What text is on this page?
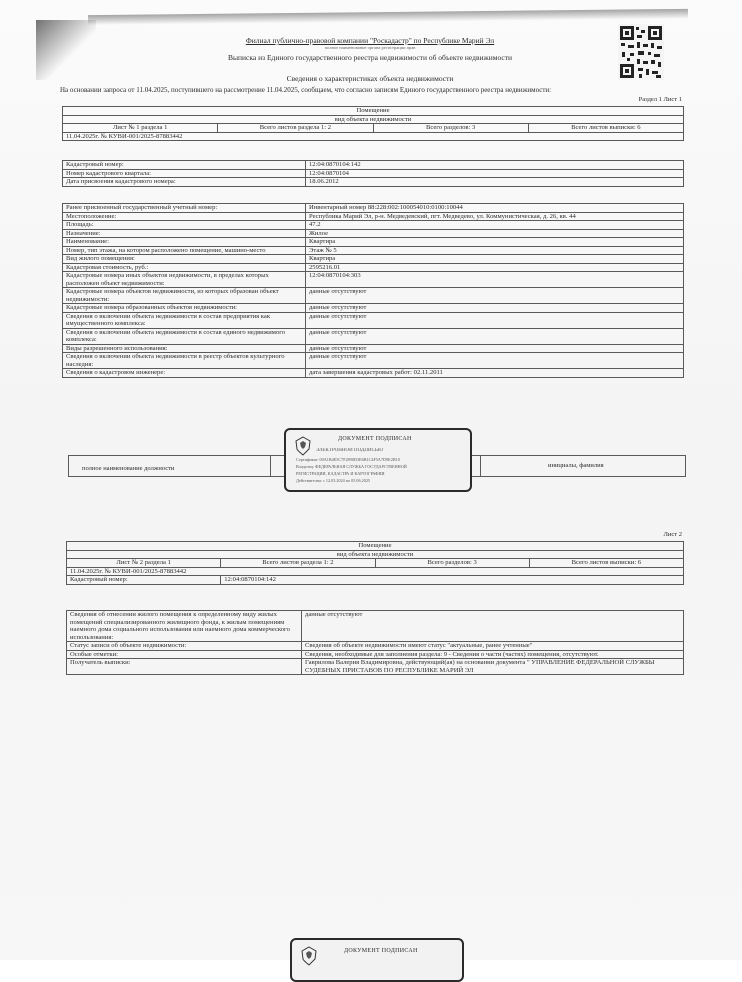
Филиал публично-правовой компании "Роскадастр" по Республике Марий Эл
полное наименование органа регистрации прав
Выписка из Единого государственного реестра недвижимости об объекте недвижимости
Сведения о характеристиках объекта недвижимости
На основании запроса от 11.04.2025, поступившего на рассмотрение 11.04.2025, сообщаем, что согласно записям Единого государственного реестра недвижимости:
Раздел 1 Лист 1
Помещение
вид объекта недвижимости
Лист № 1 раздела 1	Всего листов раздела 1: 2	Всего разделов: 3	Всего листов выписки: 6
11.04.2025г. № КУВИ-001/2025-87883442
Кадастровый номер:	12:04:0870104:142
Номер кадастрового квартала:	12:04:0870104
Дата присвоения кадастрового номера:	18.06.2012
Ранее присвоенный государственный учетный номер:	Инвентарный номер 88:228:002:100054010:0100:10044
Местоположение:	Республика Марий Эл, р-н. Медведевский, пгт. Медведево, ул. Коммунистическая, д. 26, кв. 44
Площадь:	47.2
Назначение:	Жилое
Наименование:	Квартира
Номер, тип этажа, на котором расположено помещение, машино-место	Этаж № 5
Вид жилого помещения:	Квартира
Кадастровая стоимость, руб.:	2595216.01
Кадастровые номера иных объектов недвижимости, в пределах которых расположен объект недвижимости:	12:04:0870104:303
Кадастровые номера объектов недвижимости, из которых образован объект недвижимости:	данные отсутствуют
Кадастровые номера образованных объектов недвижимости:	данные отсутствуют
Сведения о включении объекта недвижимости в состав предприятия как имущественного комплекса:	данные отсутствуют
Сведения о включении объекта недвижимости в состав единого недвижимого комплекса:	данные отсутствуют
Виды разрешенного использования:	данные отсутствуют
Сведения о включении объекта недвижимости в реестр объектов культурного наследия:	данные отсутствуют
Сведения о кадастровом инженере:	дата завершения кадастровых работ: 02.11.2011
полное наименование должности	инициалы, фамилия
ДОКУМЕНТ ПОДПИСАН
ЭЛЕКТРОННОЙ ПОДПИСЬЮ
Сертификат: 00A1B4E5C7F2890D3E6B1C4F5A7D9E2B10
Владелец: ФЕДЕРАЛЬНАЯ СЛУЖБА ГОСУДАРСТВЕННОЙ
РЕГИСТРАЦИИ, КАДАСТРА И КАРТОГРАФИИ
Действителен: с 12.03.2024 по 05.06.2025
Лист 2
Помещение			
вид объекта недвижимости			
Лист № 2 раздела 1	Всего листов раздела 1: 2	Всего разделов: 3	Всего листов выписки: 6
11.04.2025г. № КУВИ-001/2025-87883442			
Кадастровый номер:	12:04:0870104:142		
Сведения об отнесении жилого помещения к определенному виду жилых помещений специализированного жилищного фонда, к жилым помещениям наемного дома социального использования или наемного дома коммерческого использования:	данные отсутствуют
Статус записи об объекте недвижимости:	Сведения об объекте недвижимости имеют статус "актуальные, ранее учтенные"
Особые отметки:	Сведения, необходимые для заполнения раздела: 9 - Сведения о части (частях) помещения, отсутствуют.
Получатель выписки:	Гаврилова Валерия Владимировна, действующий(ая) на основании документа " УПРАВЛЕНИЕ ФЕДЕРАЛЬНОЙ СЛУЖБЫ СУДЕБНЫХ ПРИСТАВОВ ПО РЕСПУБЛИКЕ МАРИЙ ЭЛ
ДОКУМЕНТ ПОДПИСАН
